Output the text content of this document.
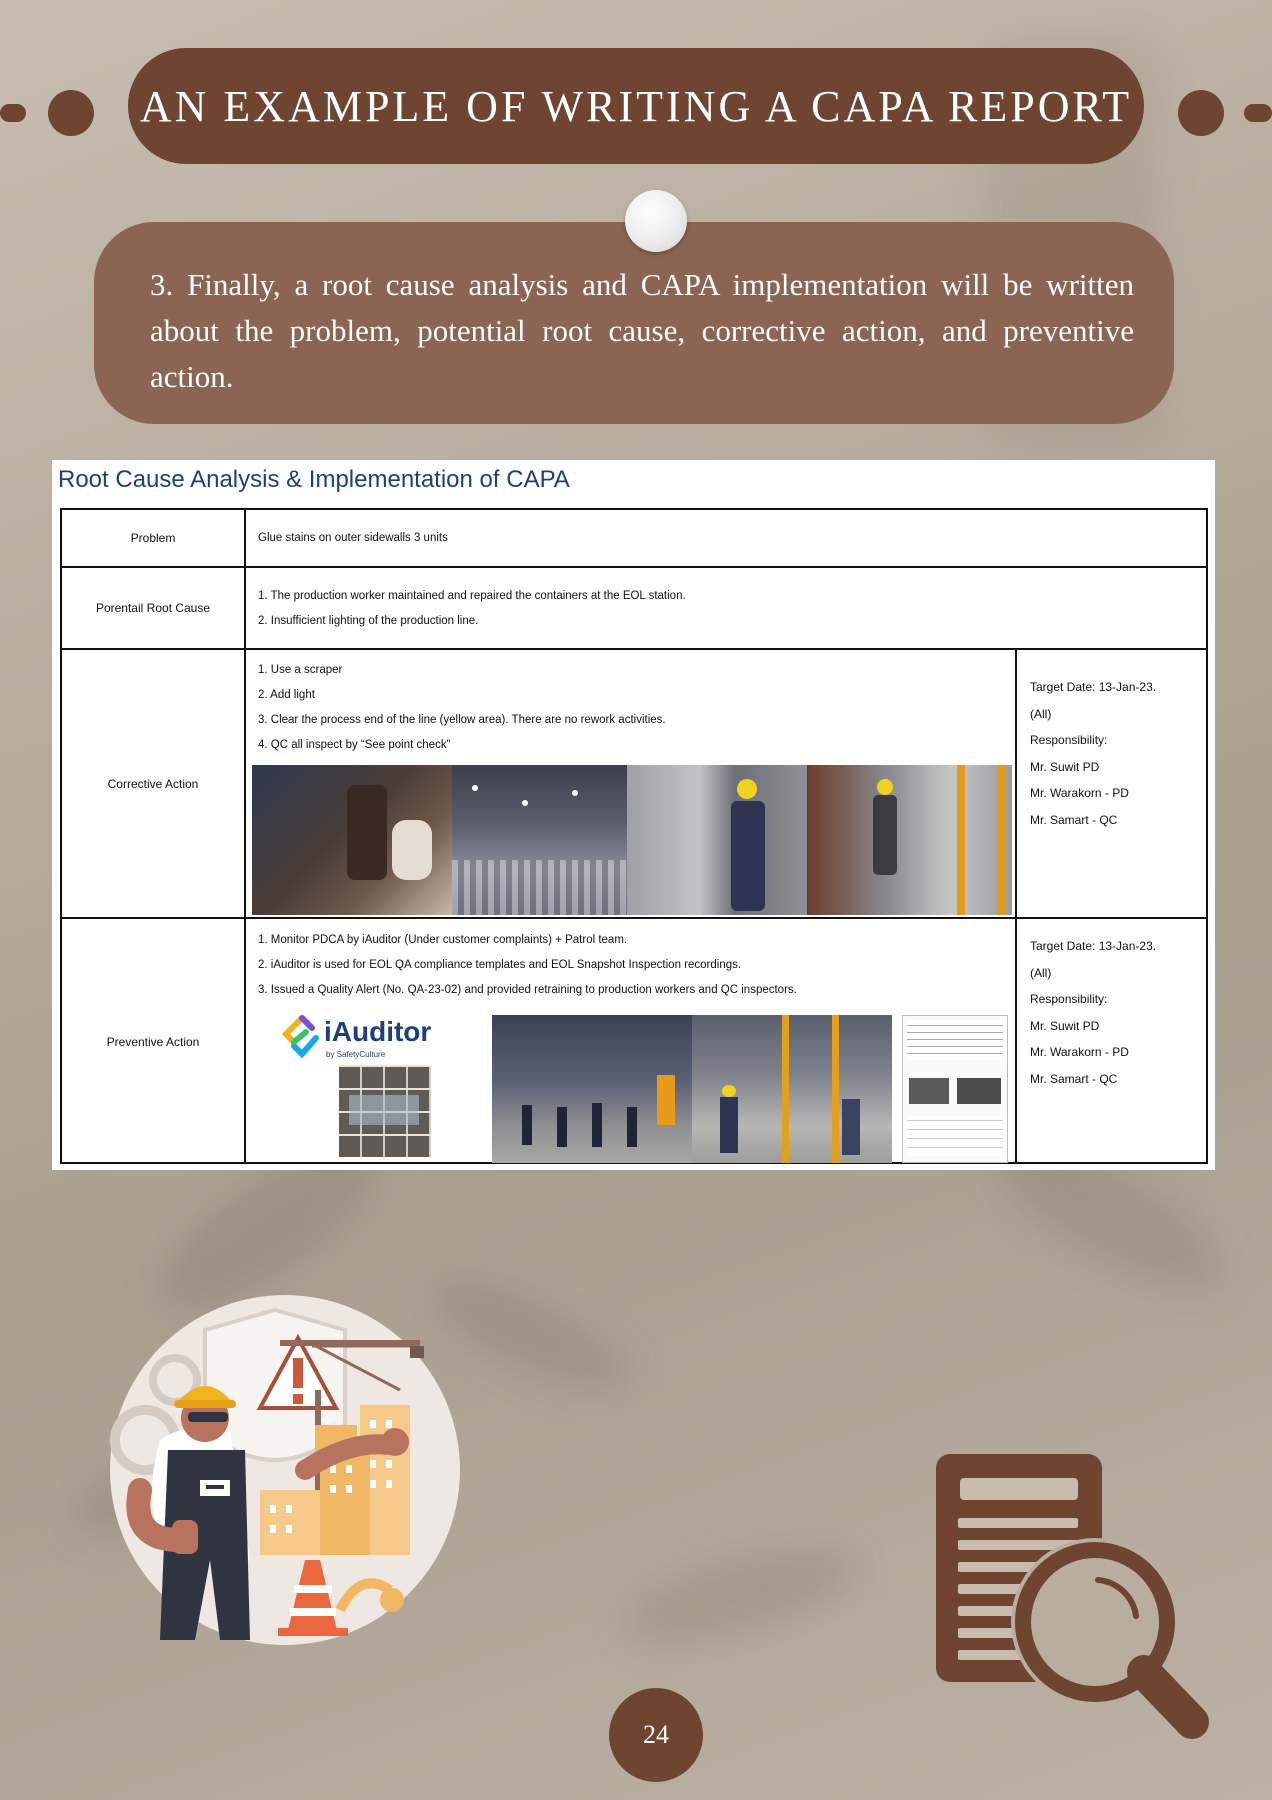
AN EXAMPLE OF WRITING A CAPA REPORT
3. Finally, a root cause analysis and CAPA implementation will be written about the problem, potential root cause, corrective action, and preventive action.
Root Cause Analysis & Implementation of CAPA
Problem
Porentail Root Cause
Corrective Action
Preventive Action
Glue stains on outer sidewalls 3 units
1. The production worker maintained and repaired the containers at the EOL station.
2. Insufficient lighting of the production line.
1. Use a scraper
2. Add light
3. Clear the process end of the line (yellow area). There are no rework activities.
4. QC all inspect by “See point check”
Target Date: 13-Jan-23.
(All)
Responsibility:
Mr. Suwit PD
Mr. Warakorn - PD
Mr. Samart - QC
1. Monitor PDCA by iAuditor (Under customer complaints) + Patrol team.
2. iAuditor is used for EOL QA compliance templates and EOL Snapshot Inspection recordings.
3. Issued a Quality Alert (No. QA-23-02) and provided retraining to production workers and QC inspectors.
Target Date: 13-Jan-23.
(All)
Responsibility:
Mr. Suwit PD
Mr. Warakorn - PD
Mr. Samart - QC
iAuditor
by SafetyCulture
24
